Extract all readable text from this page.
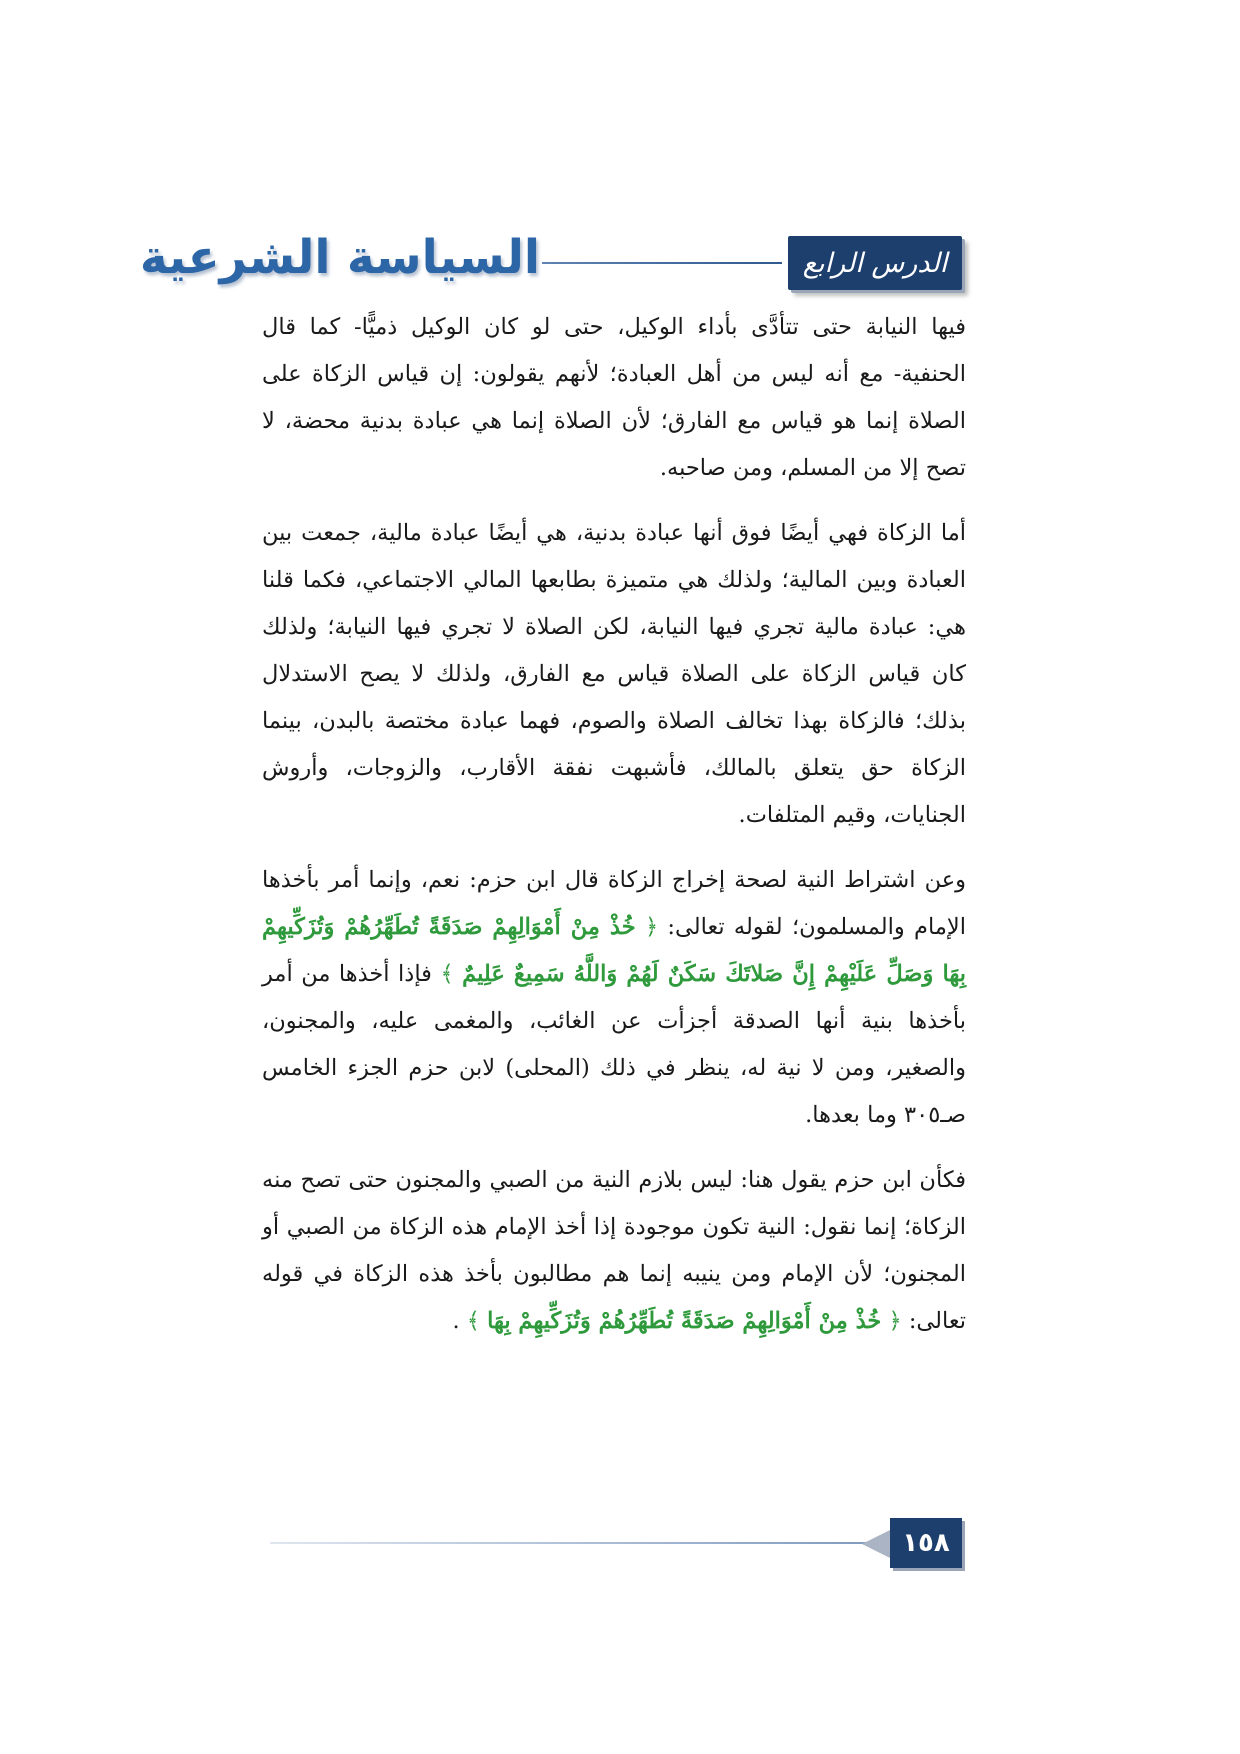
الدرس الرابع
السياسة الشرعية

فيها النيابة حتى تتأدَّى بأداء الوكيل، حتى لو كان الوكيل ذميًّا- كما قال الحنفية- مع أنه ليس من أهل العبادة؛ لأنهم يقولون: إن قياس الزكاة على الصلاة إنما هو قياس مع الفارق؛ لأن الصلاة إنما هي عبادة بدنية محضة، لا تصح إلا من المسلم، ومن صاحبه.

أما الزكاة فهي أيضًا فوق أنها عبادة بدنية، هي أيضًا عبادة مالية، جمعت بين العبادة وبين المالية؛ ولذلك هي متميزة بطابعها المالي الاجتماعي، فكما قلنا هي: عبادة مالية تجري فيها النيابة، لكن الصلاة لا تجري فيها النيابة؛ ولذلك كان قياس الزكاة على الصلاة قياس مع الفارق، ولذلك لا يصح الاستدلال بذلك؛ فالزكاة بهذا تخالف الصلاة والصوم، فهما عبادة مختصة بالبدن، بينما الزكاة حق يتعلق بالمالك، فأشبهت نفقة الأقارب، والزوجات، وأروش الجنايات، وقيم المتلفات.

وعن اشتراط النية لصحة إخراج الزكاة قال ابن حزم: نعم، وإنما أمر بأخذها الإمام والمسلمون؛ لقوله تعالى: ﴿ خُذْ مِنْ أَمْوَالِهِمْ صَدَقَةً تُطَهِّرُهُمْ وَتُزَكِّيهِمْ بِهَا وَصَلِّ عَلَيْهِمْ إِنَّ صَلاتَكَ سَكَنٌ لَهُمْ وَاللَّهُ سَمِيعٌ عَلِيمٌ ﴾ فإذا أخذها من أمر بأخذها بنية أنها الصدقة أجزأت عن الغائب، والمغمى عليه، والمجنون، والصغير، ومن لا نية له، ينظر في ذلك (المحلى) لابن حزم الجزء الخامس صـ٣٠٥ وما بعدها.

فكأن ابن حزم يقول هنا: ليس بلازم النية من الصبي والمجنون حتى تصح منه الزكاة؛ إنما نقول: النية تكون موجودة إذا أخذ الإمام هذه الزكاة من الصبي أو المجنون؛ لأن الإمام ومن ينيبه إنما هم مطالبون بأخذ هذه الزكاة في قوله تعالى: ﴿ خُذْ مِنْ أَمْوَالِهِمْ صَدَقَةً تُطَهِّرُهُمْ وَتُزَكِّيهِمْ بِهَا ﴾ .

١٥٨
